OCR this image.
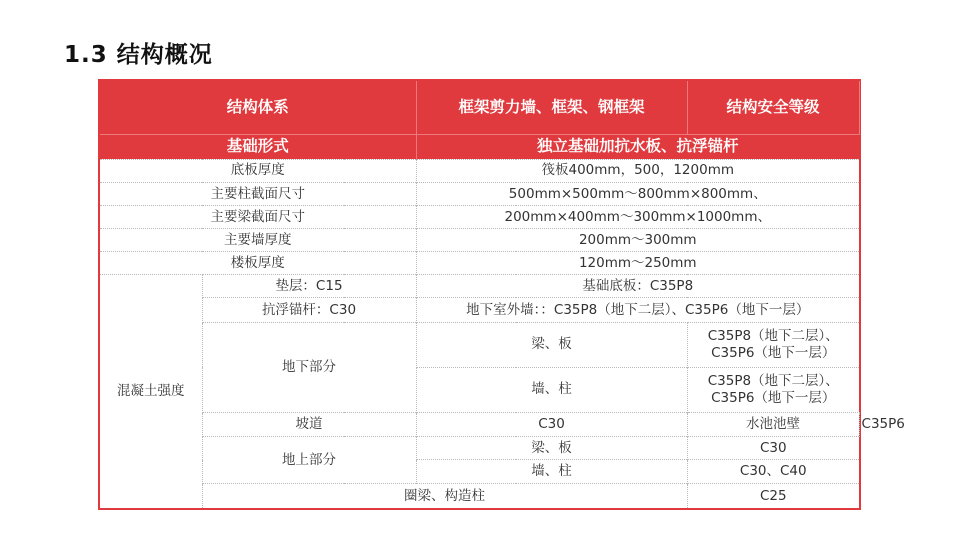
1.3 结构概况
结构体系		框架剪力墙、框架、钢框架	结构安全等级	二级
基础形式		独立基础加抗水板、抗浮锚杆		
底板厚度		筏板400mm，500，1200mm		
主要柱截面尺寸		500mm×500mm～800mm×800mm、		
主要梁截面尺寸		200mm×400mm～300mm×1000mm、		
主要墙厚度		200mm～300mm		
楼板厚度		120mm～250mm		
混凝土强度	垫层：C15	基础底板：C35P8		
	抗浮锚杆：C30	地下室外墙：：C35P8（地下二层）、C35P6（地下一层）		
	地下部分	梁、板	C35P8（地下二层）、C35P6（地下一层）	
		墙、柱	C35P8（地下二层）、C35P6（地下一层）	
	坡道	C30	水池池壁	C35P6
	地上部分	梁、板	C30	
		墙、柱	C30、C40	
	圈梁、构造柱		C25	
